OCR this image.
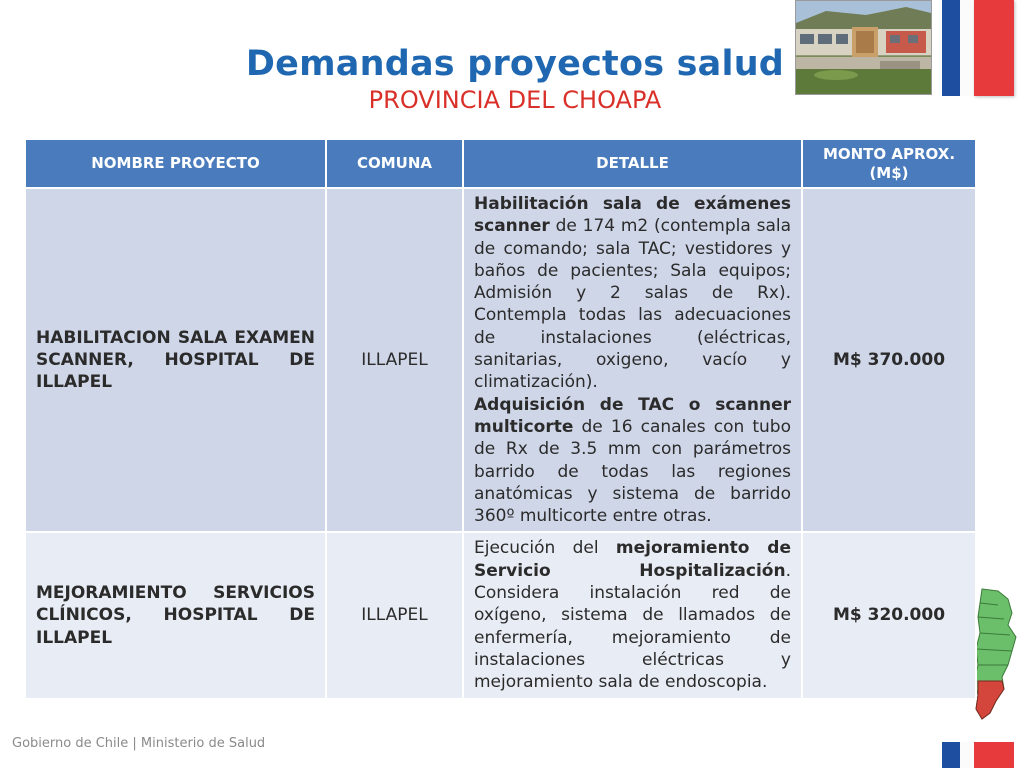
Demandas proyectos salud
PROVINCIA DEL CHOAPA
Gobierno de Chile | Ministerio de Salud
NOMBRE PROYECTO	COMUNA	DETALLE	MONTO APROX. (M$)
HABILITACION SALA EXAMEN SCANNER, HOSPITAL DE ILLAPEL	ILLAPEL	Habilitación sala de exámenes scanner de 174 m2 (contempla sala de comando; sala TAC; vestidores y baños de pacientes; Sala equipos; Admisión y 2 salas de Rx). Contempla todas las adecuaciones de instalaciones (eléctricas, sanitarias, oxigeno, vacío y climatización).
Adquisición de TAC o scanner multicorte de 16 canales con tubo de Rx de 3.5 mm con parámetros barrido de todas las regiones anatómicas y sistema de barrido 360º multicorte entre otras.	M$ 370.000
MEJORAMIENTO SERVICIOS CLÍNICOS, HOSPITAL DE ILLAPEL	ILLAPEL	Ejecución del mejoramiento de Servicio Hospitalización. Considera instalación red de oxígeno, sistema de llamados de enfermería, mejoramiento de instalaciones eléctricas y mejoramiento sala de endoscopia.	M$ 320.000
